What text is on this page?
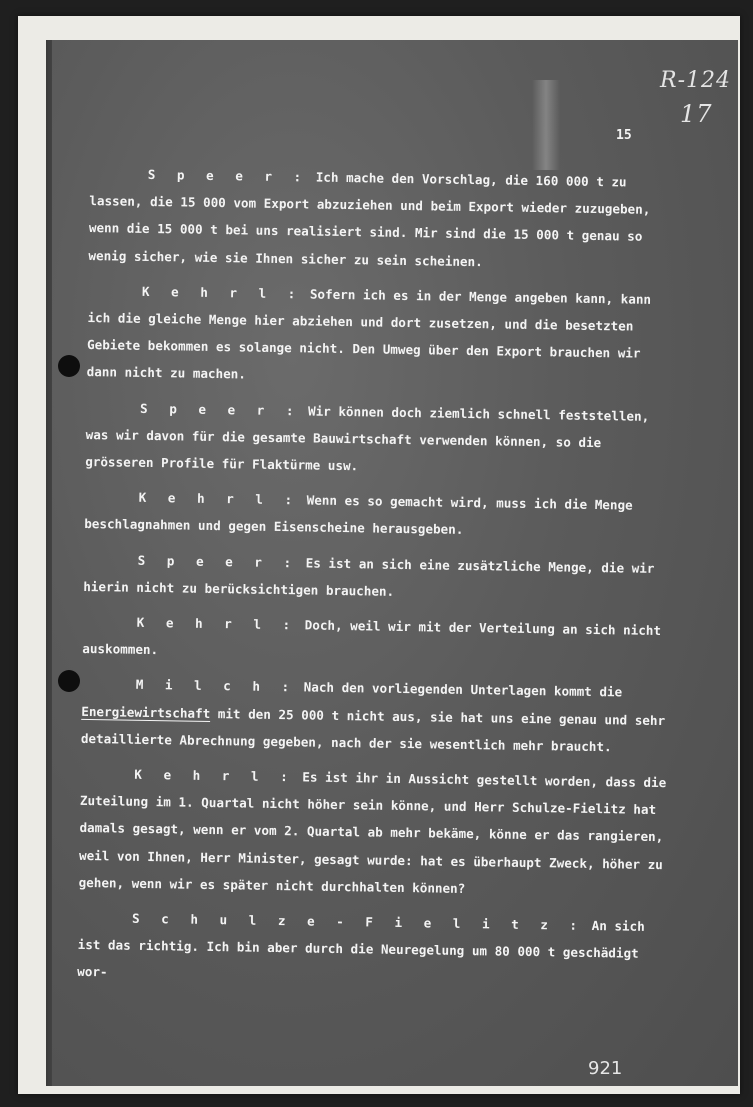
R-124
17
15

S p e e r : Ich mache den Vorschlag, die 160 000 t zu lassen, die 15 000 vom Export abzuziehen und beim Export wieder zuzugeben, wenn die 15 000 t bei uns realisiert sind. Mir sind die 15 000 t genau so wenig sicher, wie sie Ihnen sicher zu sein scheinen.

K e h r l : Sofern ich es in der Menge angeben kann, kann ich die gleiche Menge hier abziehen und dort zusetzen, und die besetzten Gebiete bekommen es solange nicht. Den Umweg über den Export brauchen wir dann nicht zu machen.

S p e e r : Wir können doch ziemlich schnell feststellen, was wir davon für die gesamte Bauwirtschaft verwenden können, so die grösseren Profile für Flaktürme usw.

K e h r l : Wenn es so gemacht wird, muss ich die Menge beschlagnahmen und gegen Eisenscheine herausgeben.

S p e e r : Es ist an sich eine zusätzliche Menge, die wir hierin nicht zu berücksichtigen brauchen.

K e h r l : Doch, weil wir mit der Verteilung an sich nicht auskommen.

M i l c h : Nach den vorliegenden Unterlagen kommt die Energiewirtschaft mit den 25 000 t nicht aus, sie hat uns eine genau und sehr detaillierte Abrechnung gegeben, nach der sie wesentlich mehr braucht.

K e h r l : Es ist ihr in Aussicht gestellt worden, dass die Zuteilung im 1. Quartal nicht höher sein könne, und Herr Schulze-Fielitz hat damals gesagt, wenn er vom 2. Quartal ab mehr bekäme, könne er das rangieren, weil von Ihnen, Herr Minister, gesagt wurde: hat es überhaupt Zweck, höher zu gehen, wenn wir es später nicht durchhalten können?

S c h u l z e - F i e l i t z : An sich ist das richtig. Ich bin aber durch die Neuregelung um 80 000 t geschädigt wor-

921
